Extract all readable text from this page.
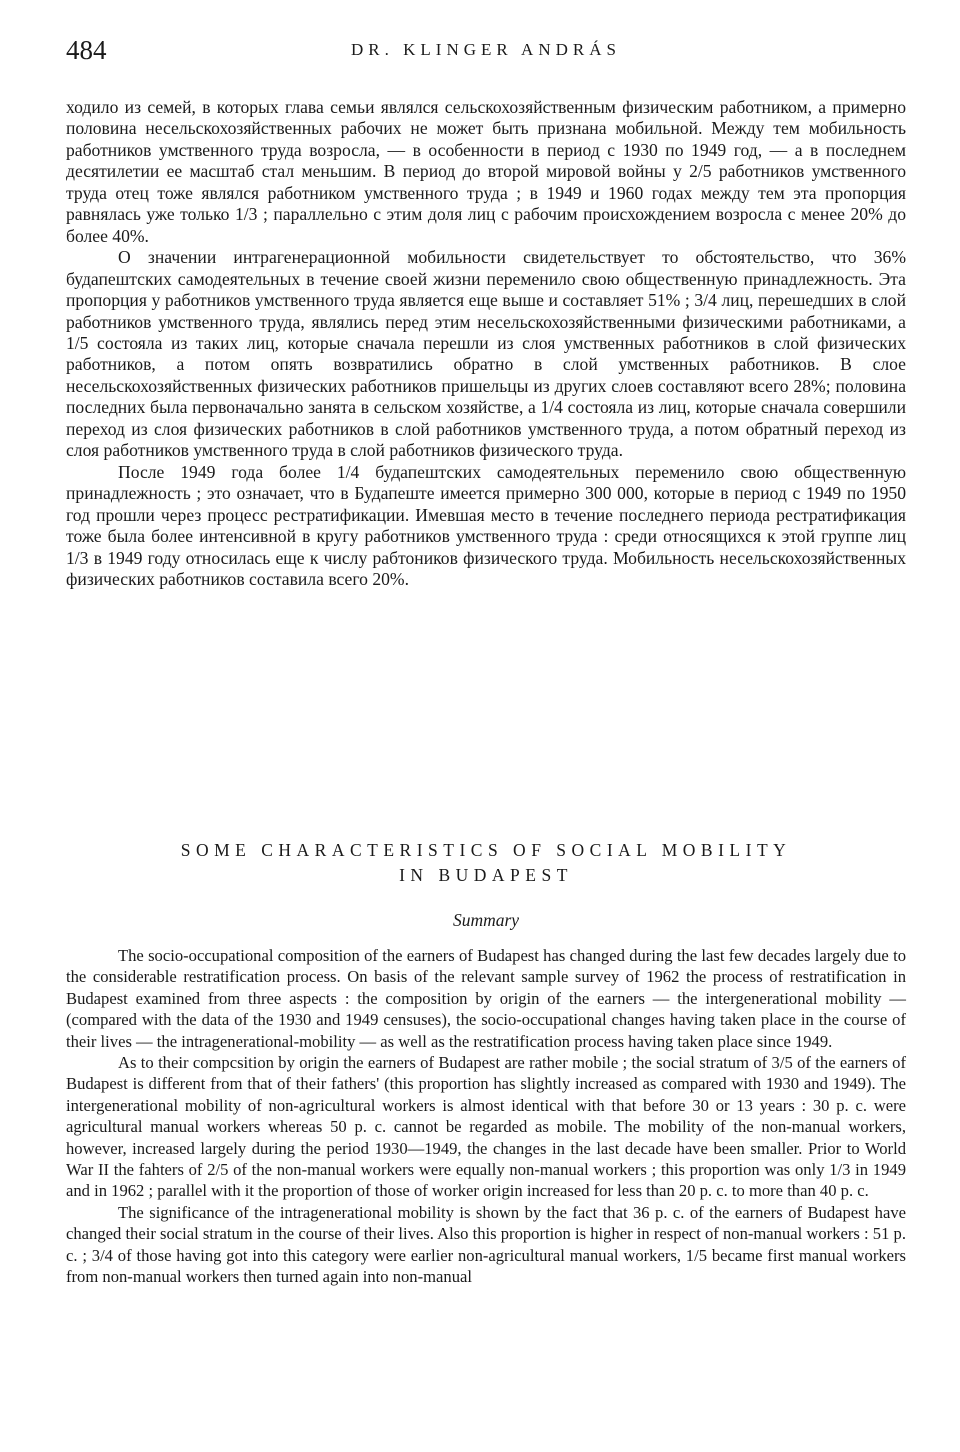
484	DR. KLINGER ANDRÁS

ходило из семей, в которых глава семьи являлся сельскохозяйственным физическим работником, а примерно половина несельскохозяйственных рабочих не может быть признана мобильной. Между тем мобильность работников умственного труда возросла, — в особенности в период с 1930 по 1949 год, — а в последнем десятилетии ее масштаб стал меньшим. В период до второй мировой войны у 2/5 работников умственного труда отец тоже являлся работником умственного труда ; в 1949 и 1960 годах между тем эта пропорция равнялась уже только 1/3 ; параллельно с этим доля лиц с рабочим происхождением возросла с менее 20% до более 40%.

О значении интрагенерационной мобильности свидетельствует то обстоятельство, что 36% будапештских самодеятельных в течение своей жизни переменило свою общественную принадлежность. Эта пропорция у работников умственного труда является еще выше и составляет 51% ; 3/4 лиц, перешедших в слой работников умственного труда, являлись перед этим несельскохозяйственными физическими работниками, а 1/5 состояла из таких лиц, которые сначала перешли из слоя умственных работников в слой физических работников, а потом опять возвратились обратно в слой умственных работников. В слое несельскохозяйственных физических работников пришельцы из других слоев составляют всего 28%; половина последних была первоначально занята в сельском хозяйстве, а 1/4 состояла из лиц, которые сначала совершили переход из слоя физических работников в слой работников умственного труда, а потом обратный переход из слоя работников умственного труда в слой работников физического труда.

После 1949 года более 1/4 будапештских самодеятельных переменило свою общественную принадлежность ; это означает, что в Будапеште имеется примерно 300 000, которые в период с 1949 по 1950 год прошли через процесс рестратификации. Имевшая место в течение последнего периода рестратификация тоже была более интенсивной в кругу работников умственного труда : среди относящихся к этой группе лиц 1/3 в 1949 году относилась еще к числу рабтоников физического труда. Мобильность несельскохозяйственных физических работников составила всего 20%.

SOME CHARACTERISTICS OF SOCIAL MOBILITY
IN BUDAPEST
Summary

The socio-occupational composition of the earners of Budapest has changed during the last few decades largely due to the considerable restratification process. On basis of the relevant sample survey of 1962 the process of restratification in Budapest examined from three aspects : the composition by origin of the earners — the intergenerational mobility — (compared with the data of the 1930 and 1949 censuses), the socio-occupational changes having taken place in the course of their lives — the intragenerational-mobility — as well as the restratification process having taken place since 1949.

As to their compcsition by origin the earners of Budapest are rather mobile ; the social stratum of 3/5 of the earners of Budapest is different from that of their fathers' (this proportion has slightly increased as compared with 1930 and 1949). The intergenerational mobility of non-agricultural workers is almost identical with that before 30 or 13 years : 30 p. c. were agricultural manual workers whereas 50 p. c. cannot be regarded as mobile. The mobility of the non-manual workers, however, increased largely during the period 1930—1949, the changes in the last decade have been smaller. Prior to World War II the fahters of 2/5 of the non-manual workers were equally non-manual workers ; this proportion was only 1/3 in 1949 and in 1962 ; parallel with it the proportion of those of worker origin increased for less than 20 p. c. to more than 40 p. c.

The significance of the intragenerational mobility is shown by the fact that 36 p. c. of the earners of Budapest have changed their social stratum in the course of their lives. Also this proportion is higher in respect of non-manual workers : 51 p. c. ; 3/4 of those having got into this category were earlier non-agricultural manual workers, 1/5 became first manual workers from non-manual workers then turned again into non-manual
